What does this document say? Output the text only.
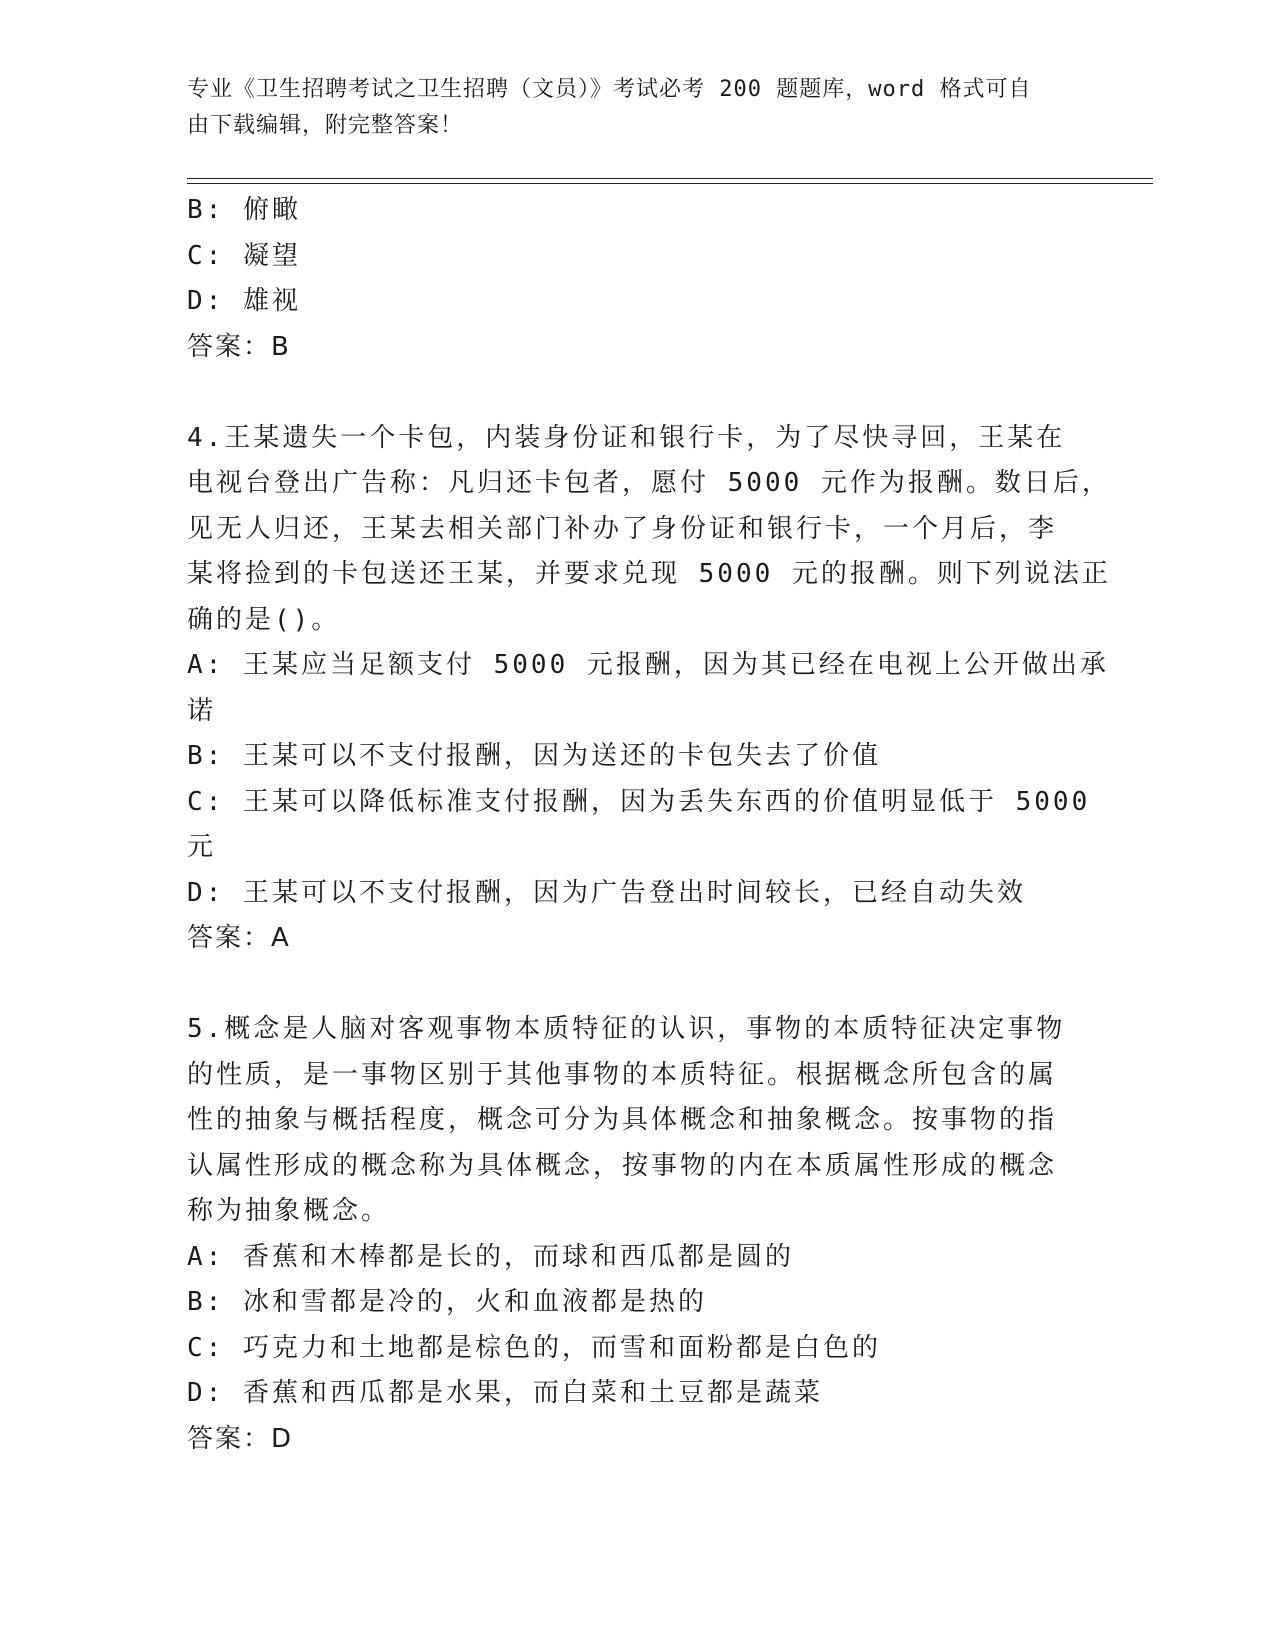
专业《卫生招聘考试之卫生招聘（文员）》考试必考 200 题题库，word 格式可自
由下载编辑，附完整答案！
B: 俯瞰
C: 凝望
D: 雄视
答案：B
4.王某遗失一个卡包，内装身份证和银行卡，为了尽快寻回，王某在
电视台登出广告称：凡归还卡包者，愿付 5000 元作为报酬。数日后，
见无人归还，王某去相关部门补办了身份证和银行卡，一个月后，李
某将捡到的卡包送还王某，并要求兑现 5000 元的报酬。则下列说法正
确的是()。
A: 王某应当足额支付 5000 元报酬，因为其已经在电视上公开做出承
诺
B: 王某可以不支付报酬，因为送还的卡包失去了价值
C: 王某可以降低标准支付报酬，因为丢失东西的价值明显低于 5000
元
D: 王某可以不支付报酬，因为广告登出时间较长，已经自动失效
答案：A
5.概念是人脑对客观事物本质特征的认识，事物的本质特征决定事物
的性质，是一事物区别于其他事物的本质特征。根据概念所包含的属
性的抽象与概括程度，概念可分为具体概念和抽象概念。按事物的指
认属性形成的概念称为具体概念，按事物的内在本质属性形成的概念
称为抽象概念。
A: 香蕉和木棒都是长的，而球和西瓜都是圆的
B: 冰和雪都是冷的，火和血液都是热的
C: 巧克力和土地都是棕色的，而雪和面粉都是白色的
D: 香蕉和西瓜都是水果，而白菜和土豆都是蔬菜
答案：D
